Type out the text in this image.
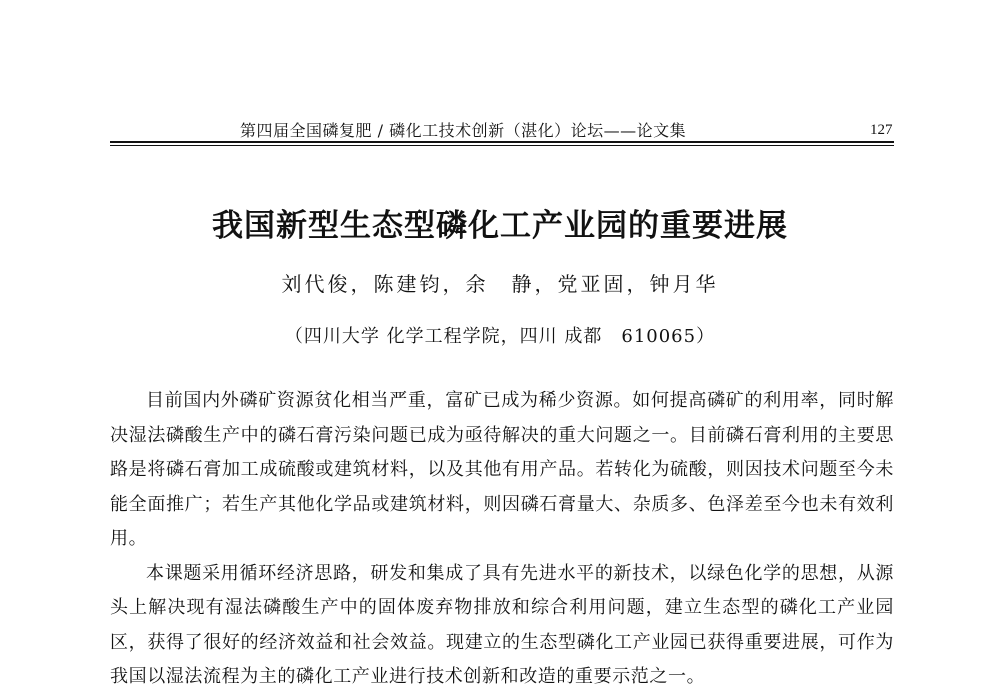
第四届全国磷复肥 / 磷化工技术创新（湛化）论坛——论文集	127
我国新型生态型磷化工产业园的重要进展
刘代俊，陈建钧，余　静，党亚固，钟月华
（四川大学 化学工程学院，四川 成都　610065）

目前国内外磷矿资源贫化相当严重，富矿已成为稀少资源。如何提高磷矿的利用率，同时解决湿法磷酸生产中的磷石膏污染问题已成为亟待解决的重大问题之一。目前磷石膏利用的主要思路是将磷石膏加工成硫酸或建筑材料，以及其他有用产品。若转化为硫酸，则因技术问题至今未能全面推广；若生产其他化学品或建筑材料，则因磷石膏量大、杂质多、色泽差至今也未有效利用。

本课题采用循环经济思路，研发和集成了具有先进水平的新技术，以绿色化学的思想，从源头上解决现有湿法磷酸生产中的固体废弃物排放和综合利用问题，建立生态型的磷化工产业园区，获得了很好的经济效益和社会效益。现建立的生态型磷化工产业园已获得重要进展，可作为我国以湿法流程为主的磷化工产业进行技术创新和改造的重要示范之一。
